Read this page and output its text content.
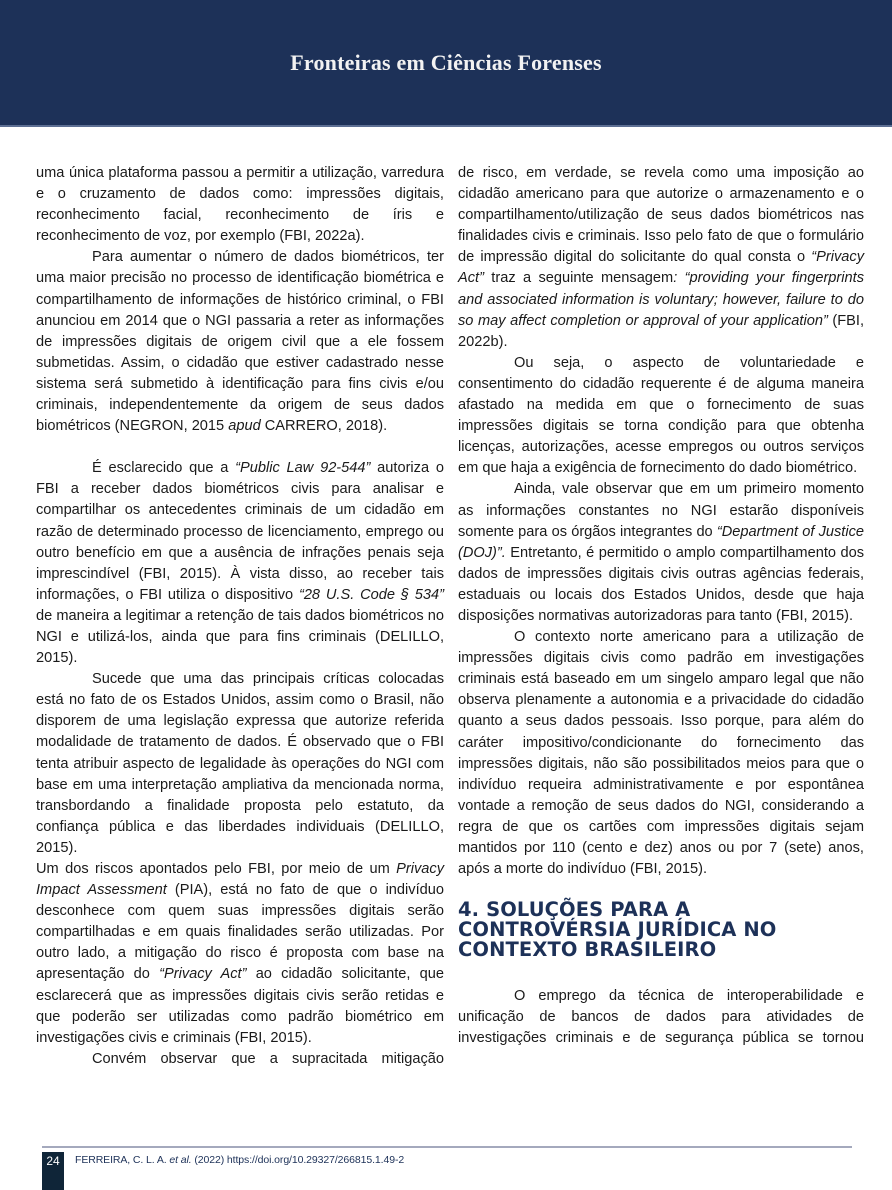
Fronteiras em Ciências Forenses

uma única plataforma passou a permitir a utilização, varredura e o cruzamento de dados como: impressões digitais, reconhecimento facial, reconhecimento de íris e reconhecimento de voz, por exemplo (FBI, 2022a).

Para aumentar o número de dados biométricos, ter uma maior precisão no processo de identificação biométrica e compartilhamento de informações de histórico criminal, o FBI anunciou em 2014 que o NGI passaria a reter as informações de impressões digitais de origem civil que a ele fossem submetidas. Assim, o cidadão que estiver cadastrado nesse sistema será submetido à identificação para fins civis e/ou criminais, independentemente da origem de seus dados biométricos (NEGRON, 2015 apud CARRERO, 2018).

É esclarecido que a “Public Law 92-544” autoriza o FBI a receber dados biométricos civis para analisar e compartilhar os antecedentes criminais de um cidadão em razão de determinado processo de licenciamento, emprego ou outro benefício em que a ausência de infrações penais seja imprescindível (FBI, 2015). À vista disso, ao receber tais informações, o FBI utiliza o dispositivo “28 U.S. Code § 534” de maneira a legitimar a retenção de tais dados biométricos no NGI e utilizá-los, ainda que para fins criminais (DELILLO, 2015).

Sucede que uma das principais críticas colocadas está no fato de os Estados Unidos, assim como o Brasil, não disporem de uma legislação expressa que autorize referida modalidade de tratamento de dados. É observado que o FBI tenta atribuir aspecto de legalidade às operações do NGI com base em uma interpretação ampliativa da mencionada norma, transbordando a finalidade proposta pelo estatuto, da confiança pública e das liberdades individuais (DELILLO, 2015).

Um dos riscos apontados pelo FBI, por meio de um Privacy Impact Assessment (PIA), está no fato de que o indivíduo desconhece com quem suas impressões digitais serão compartilhadas e em quais finalidades serão utilizadas. Por outro lado, a mitigação do risco é proposta com base na apresentação do “Privacy Act” ao cidadão solicitante, que esclarecerá que as impressões digitais civis serão retidas e que poderão ser utilizadas como padrão biométrico em investigações civis e criminais (FBI, 2015).

Convém observar que a supracitada mitigação

de risco, em verdade, se revela como uma imposição ao cidadão americano para que autorize o armazenamento e o compartilhamento/utilização de seus dados biométricos nas finalidades civis e criminais. Isso pelo fato de que o formulário de impressão digital do solicitante do qual consta o “Privacy Act” traz a seguinte mensagem: “providing your fingerprints and associated information is voluntary; however, failure to do so may affect completion or approval of your application” (FBI, 2022b).

Ou seja, o aspecto de voluntariedade e consentimento do cidadão requerente é de alguma maneira afastado na medida em que o fornecimento de suas impressões digitais se torna condição para que obtenha licenças, autorizações, acesse empregos ou outros serviços em que haja a exigência de fornecimento do dado biométrico.

Ainda, vale observar que em um primeiro momento as informações constantes no NGI estarão disponíveis somente para os órgãos integrantes do “Department of Justice (DOJ)”. Entretanto, é permitido o amplo compartilhamento dos dados de impressões digitais civis outras agências federais, estaduais ou locais dos Estados Unidos, desde que haja disposições normativas autorizadoras para tanto (FBI, 2015).

O contexto norte americano para a utilização de impressões digitais civis como padrão em investigações criminais está baseado em um singelo amparo legal que não observa plenamente a autonomia e a privacidade do cidadão quanto a seus dados pessoais. Isso porque, para além do caráter impositivo/condicionante do fornecimento das impressões digitais, não são possibilitados meios para que o indivíduo requeira administrativamente e por espontânea vontade a remoção de seus dados do NGI, considerando a regra de que os cartões com impressões digitais sejam mantidos por 110 (cento e dez) anos ou por 7 (sete) anos, após a morte do indivíduo (FBI, 2015).

4. SOLUÇÕES PARA A
CONTROVÉRSIA JURÍDICA NO
CONTEXTO BRASILEIRO

O emprego da técnica de interoperabilidade e unificação de bancos de dados para atividades de investigações criminais e de segurança pública se tornou

24	FERREIRA, C. L. A. et al. (2022) https://doi.org/10.29327/266815.1.49-2
